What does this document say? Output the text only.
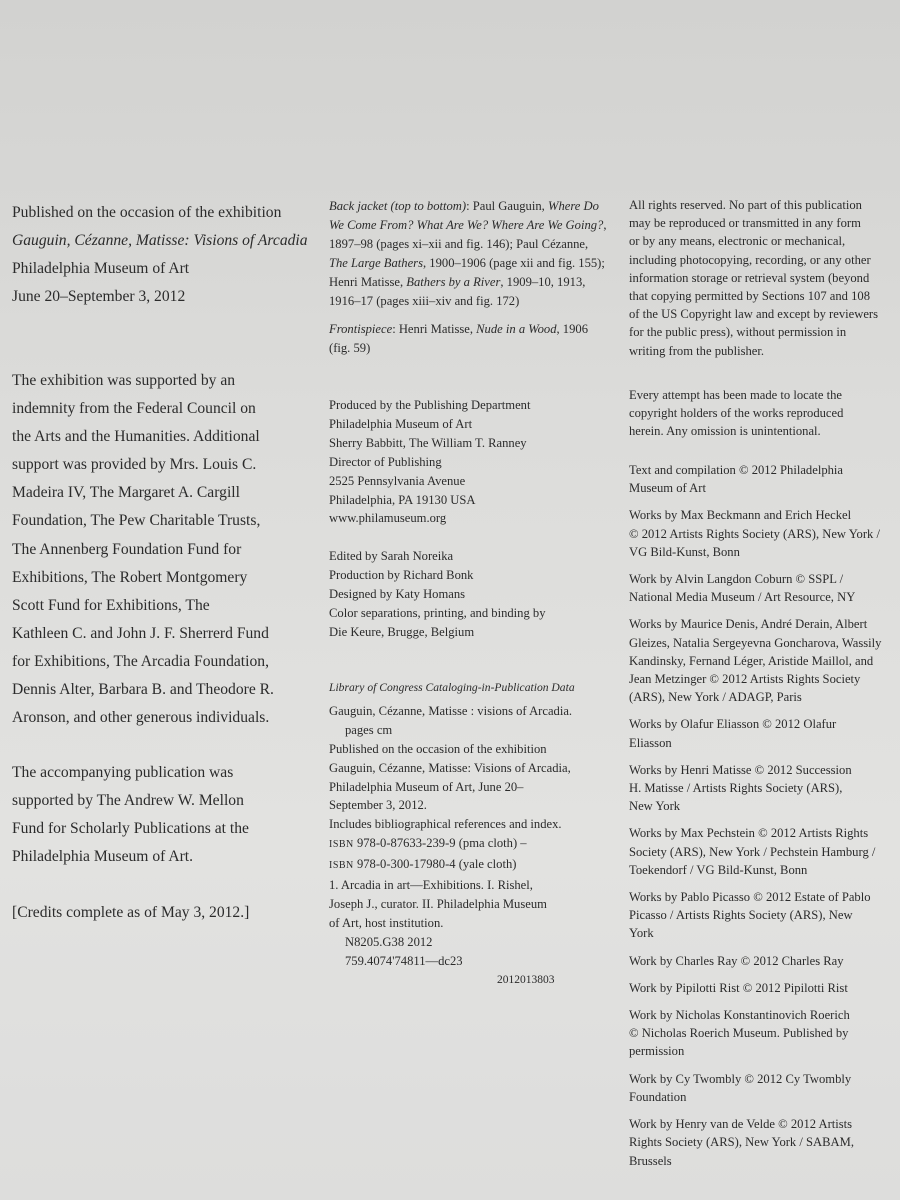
Published on the occasion of the exhibition
Gauguin, Cézanne, Matisse: Visions of Arcadia
Philadelphia Museum of Art
June 20–September 3, 2012
The exhibition was supported by an
indemnity from the Federal Council on
the Arts and the Humanities. Additional
support was provided by Mrs. Louis C.
Madeira IV, The Margaret A. Cargill
Foundation, The Pew Charitable Trusts,
The Annenberg Foundation Fund for
Exhibitions, The Robert Montgomery
Scott Fund for Exhibitions, The
Kathleen C. and John J. F. Sherrerd Fund
for Exhibitions, The Arcadia Foundation,
Dennis Alter, Barbara B. and Theodore R.
Aronson, and other generous individuals.
The accompanying publication was
supported by The Andrew W. Mellon
Fund for Scholarly Publications at the
Philadelphia Museum of Art.
[Credits complete as of May 3, 2012.]
Back jacket (top to bottom): Paul Gauguin, Where Do
We Come From? What Are We? Where Are We Going?,
1897–98 (pages xi–xii and fig. 146); Paul Cézanne,
The Large Bathers, 1900–1906 (page xii and fig. 155);
Henri Matisse, Bathers by a River, 1909–10, 1913,
1916–17 (pages xiii–xiv and fig. 172)
Frontispiece: Henri Matisse, Nude in a Wood, 1906
(fig. 59)
Produced by the Publishing Department
Philadelphia Museum of Art
Sherry Babbitt, The William T. Ranney
Director of Publishing
2525 Pennsylvania Avenue
Philadelphia, PA 19130 USA
www.philamuseum.org
Edited by Sarah Noreika
Production by Richard Bonk
Designed by Katy Homans
Color separations, printing, and binding by
Die Keure, Brugge, Belgium
Library of Congress Cataloging-in-Publication Data
Gauguin, Cézanne, Matisse : visions of Arcadia.
pages cm
Published on the occasion of the exhibition
Gauguin, Cézanne, Matisse: Visions of Arcadia,
Philadelphia Museum of Art, June 20–
September 3, 2012.
Includes bibliographical references and index.
ISBN 978-0-87633-239-9 (pma cloth) –
ISBN 978-0-300-17980-4 (yale cloth)
1. Arcadia in art—Exhibitions. I. Rishel,
Joseph J., curator. II. Philadelphia Museum
of Art, host institution.
N8205.G38 2012
759.4074'74811—dc23
2012013803
All rights reserved. No part of this publication
may be reproduced or transmitted in any form
or by any means, electronic or mechanical,
including photocopying, recording, or any other
information storage or retrieval system (beyond
that copying permitted by Sections 107 and 108
of the US Copyright law and except by reviewers
for the public press), without permission in
writing from the publisher.
Every attempt has been made to locate the
copyright holders of the works reproduced
herein. Any omission is unintentional.
Text and compilation © 2012 Philadelphia
Museum of Art
Works by Max Beckmann and Erich Heckel
© 2012 Artists Rights Society (ARS), New York /
VG Bild-Kunst, Bonn
Work by Alvin Langdon Coburn © SSPL /
National Media Museum / Art Resource, NY
Works by Maurice Denis, André Derain, Albert
Gleizes, Natalia Sergeyevna Goncharova, Wassily
Kandinsky, Fernand Léger, Aristide Maillol, and
Jean Metzinger © 2012 Artists Rights Society
(ARS), New York / ADAGP, Paris
Works by Olafur Eliasson © 2012 Olafur
Eliasson
Works by Henri Matisse © 2012 Succession
H. Matisse / Artists Rights Society (ARS),
New York
Works by Max Pechstein © 2012 Artists Rights
Society (ARS), New York / Pechstein Hamburg /
Toekendorf / VG Bild-Kunst, Bonn
Works by Pablo Picasso © 2012 Estate of Pablo
Picasso / Artists Rights Society (ARS), New
York
Work by Charles Ray © 2012 Charles Ray
Work by Pipilotti Rist © 2012 Pipilotti Rist
Work by Nicholas Konstantinovich Roerich
© Nicholas Roerich Museum. Published by
permission
Work by Cy Twombly © 2012 Cy Twombly
Foundation
Work by Henry van de Velde © 2012 Artists
Rights Society (ARS), New York / SABAM,
Brussels
